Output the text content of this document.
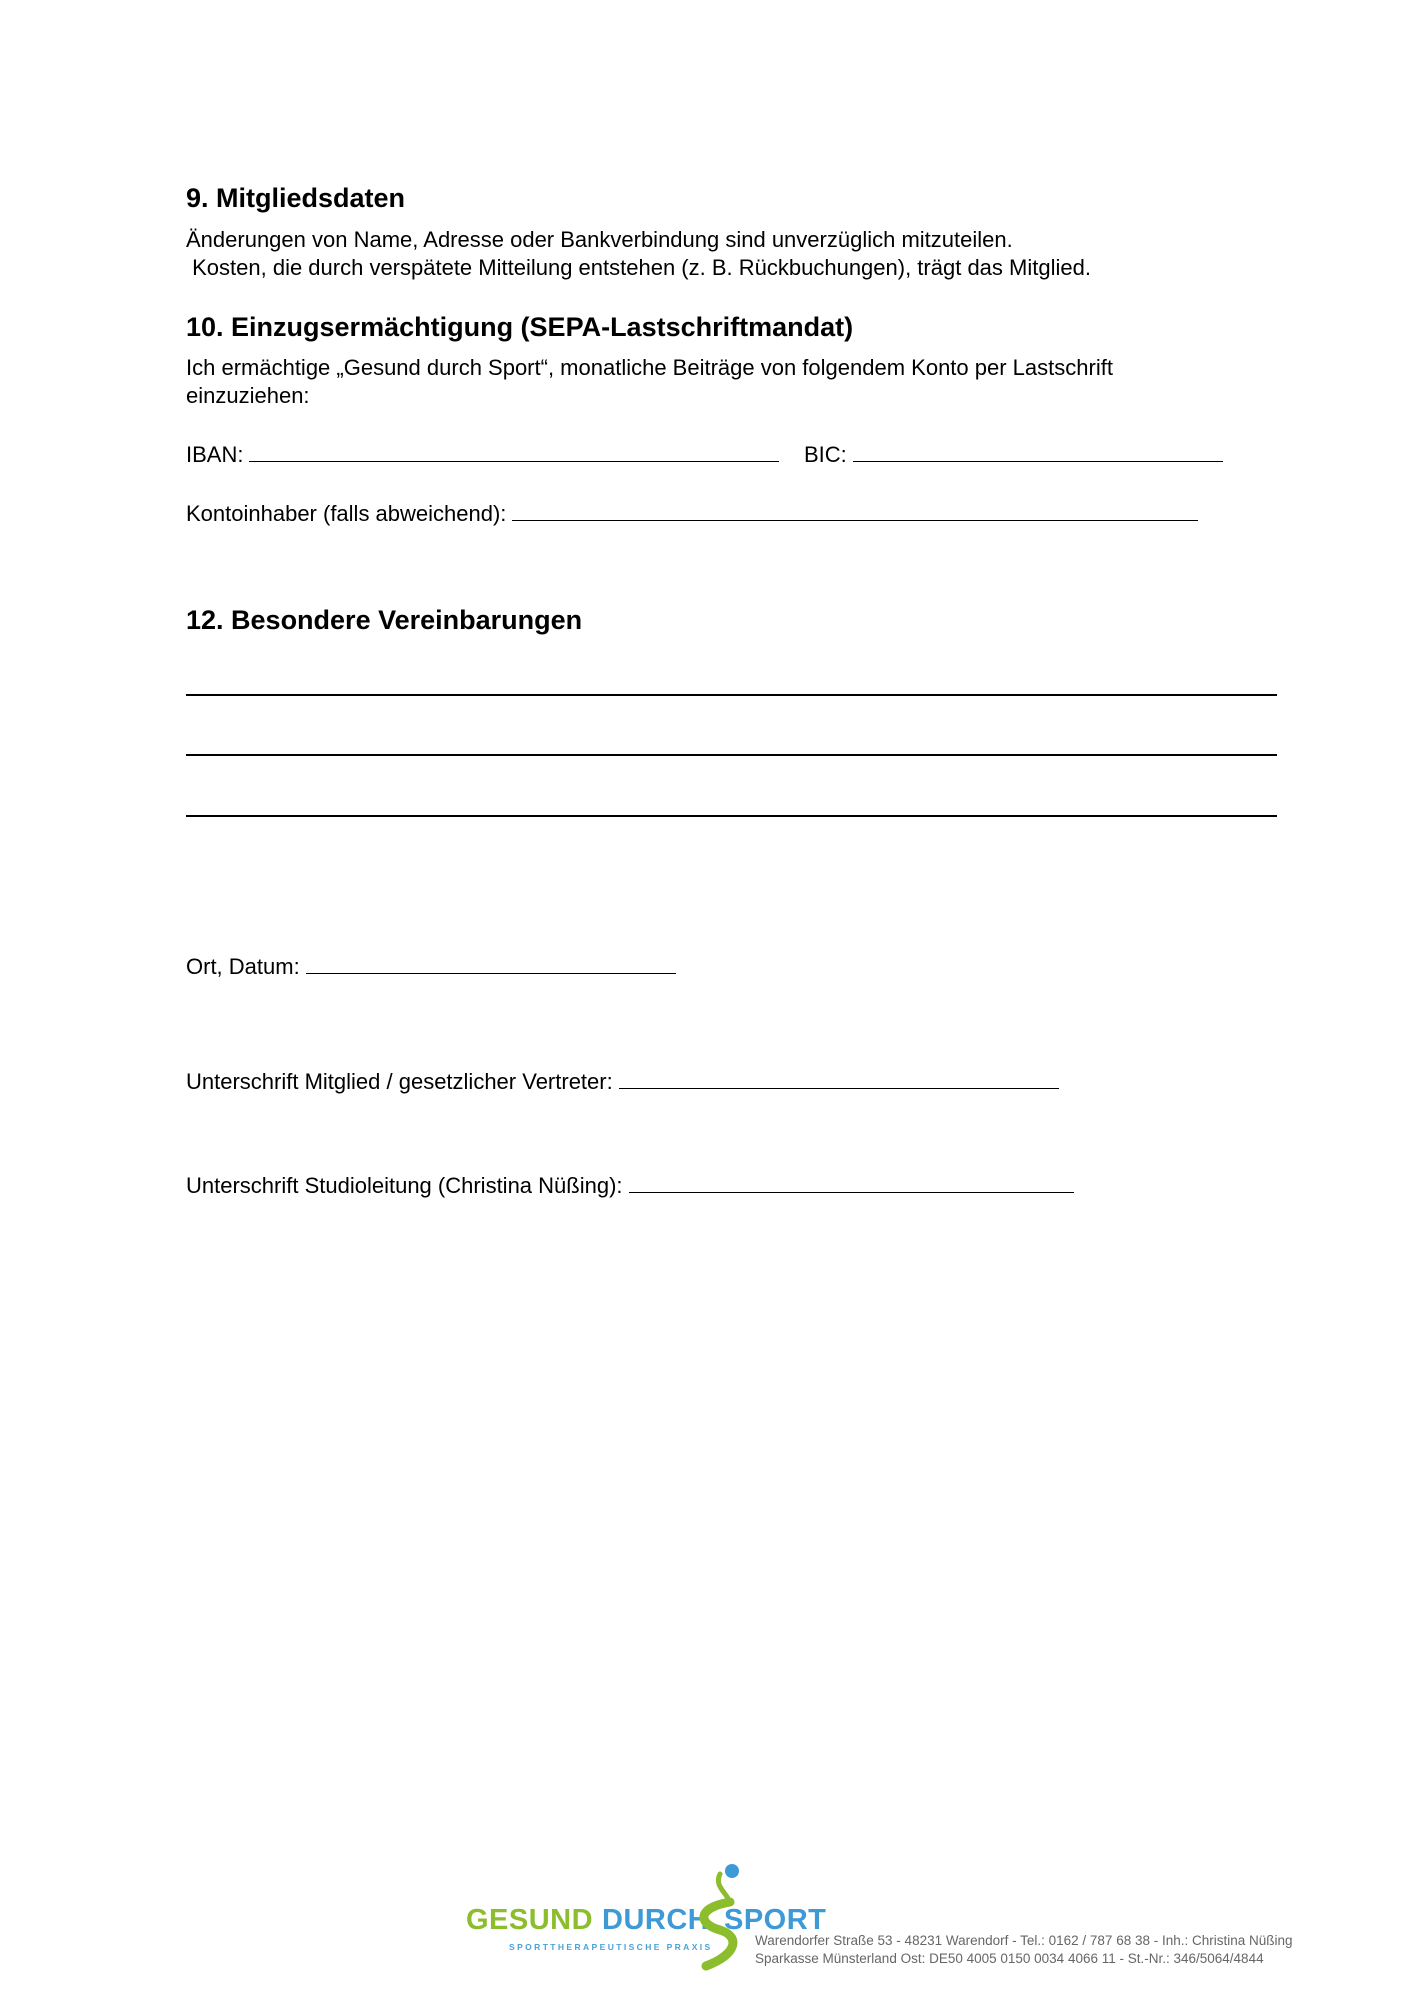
9. Mitgliedsdaten
Änderungen von Name, Adresse oder Bankverbindung sind unverzüglich mitzuteilen.
Kosten, die durch verspätete Mitteilung entstehen (z. B. Rückbuchungen), trägt das Mitglied.
10. Einzugsermächtigung (SEPA-Lastschriftmandat)
Ich ermächtige „Gesund durch Sport“, monatliche Beiträge von folgendem Konto per Lastschrift
einzuziehen:
IBAN:	BIC:
Kontoinhaber (falls abweichend):
12. Besondere Vereinbarungen
Ort, Datum:
Unterschrift Mitglied / gesetzlicher Vertreter:
Unterschrift Studioleitung (Christina Nüßing):
GESUND DURCH SPORT
SPORTTHERAPEUTISCHE PRAXIS	Warendorfer Straße 53 - 48231 Warendorf - Tel.: 0162 / 787 68 38 - Inh.: Christina Nüßing
Sparkasse Münsterland Ost: DE50 4005 0150 0034 4066 11 - St.-Nr.: 346/5064/4844
